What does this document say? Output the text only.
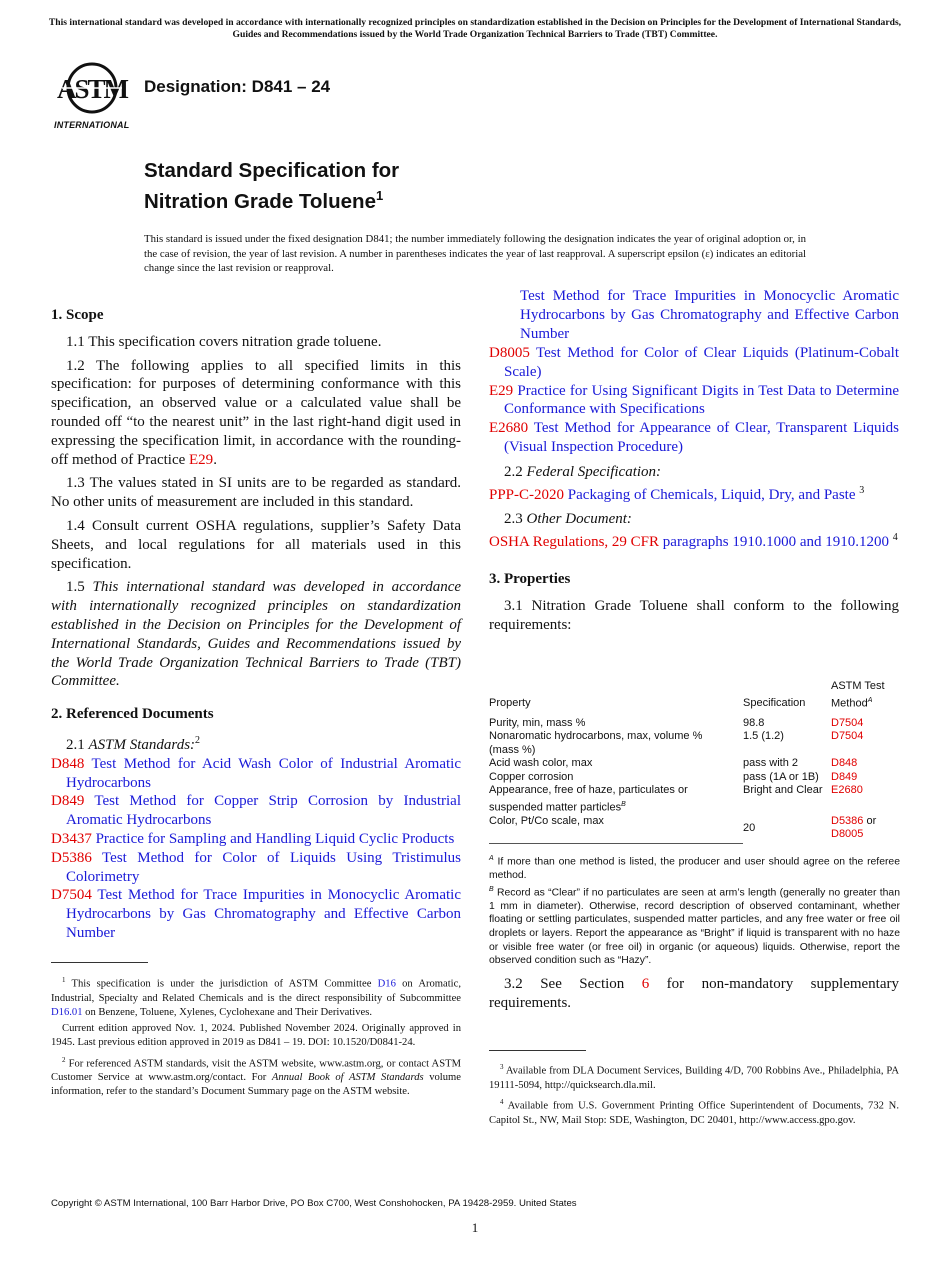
This international standard was developed in accordance with internationally recognized principles on standardization established in the Decision on Principles for the Development of International Standards, Guides and Recommendations issued by the World Trade Organization Technical Barriers to Trade (TBT) Committee.
ASTM
INTERNATIONAL
Designation: D841 – 24
Standard Specification for
Nitration Grade Toluene$^1$
This standard is issued under the fixed designation D841; the number immediately following the designation indicates the year of original adoption or, in the case of revision, the year of last revision. A number in parentheses indicates the year of last reapproval. A superscript epsilon (ε) indicates an editorial change since the last revision or reapproval.
1. Scope

1.1 This specification covers nitration grade toluene.

1.2 The following applies to all specified limits in this specification: for purposes of determining conformance with this specification, an observed value or a calculated value shall be rounded off “to the nearest unit” in the last right-hand digit used in expressing the specification limit, in accordance with the rounding-off method of Practice E29.

1.3 The values stated in SI units are to be regarded as standard. No other units of measurement are included in this standard.

1.4 Consult current OSHA regulations, supplier’s Safety Data Sheets, and local regulations for all materials used in this specification.

1.5 This international standard was developed in accordance with internationally recognized principles on standardization established in the Decision on Principles for the Development of International Standards, Guides and Recommendations issued by the World Trade Organization Technical Barriers to Trade (TBT) Committee.

2. Referenced Documents

2.1 ASTM Standards:$^2$

D848 Test Method for Acid Wash Color of Industrial Aromatic Hydrocarbons

D849 Test Method for Copper Strip Corrosion by Industrial Aromatic Hydrocarbons

D3437 Practice for Sampling and Handling Liquid Cyclic Products

D5386 Test Method for Color of Liquids Using Tristimulus Colorimetry

D7504 Test Method for Trace Impurities in Monocyclic Aromatic Hydrocarbons by Gas Chromatography and Effective Carbon Number

$^1$ This specification is under the jurisdiction of ASTM Committee D16 on Aromatic, Industrial, Specialty and Related Chemicals and is the direct responsibility of Subcommittee D16.01 on Benzene, Toluene, Xylenes, Cyclohexane and Their Derivatives.

Current edition approved Nov. 1, 2024. Published November 2024. Originally approved in 1945. Last previous edition approved in 2019 as D841 – 19. DOI: 10.1520/D0841-24.

$^2$ For referenced ASTM standards, visit the ASTM website, www.astm.org, or contact ASTM Customer Service at www.astm.org/contact. For Annual Book of ASTM Standards volume information, refer to the standard’s Document Summary page on the ASTM website.

Test Method for Trace Impurities in Monocyclic Aromatic Hydrocarbons by Gas Chromatography and Effective Carbon Number

D8005 Test Method for Color of Clear Liquids (Platinum-Cobalt Scale)

E29 Practice for Using Significant Digits in Test Data to Determine Conformance with Specifications

E2680 Test Method for Appearance of Clear, Transparent Liquids (Visual Inspection Procedure)

2.2 Federal Specification:

PPP-C-2020 Packaging of Chemicals, Liquid, Dry, and Paste $^3$

2.3 Other Document:

OSHA Regulations, 29 CFR paragraphs 1910.1000 and 1910.1200 $^4$

3. Properties

3.1 Nitration Grade Toluene shall conform to the following requirements:

Property	Specification	ASTM Test Method$^A$
Purity, min, mass %	98.8	D7504
Nonaromatic hydrocarbons, max, volume % (mass %)	1.5 (1.2)	D7504
Acid wash color, max	pass with 2	D848
Copper corrosion	pass (1A or 1B)	D849
Appearance, free of haze, particulates or suspended matter particles$^B$	Bright and Clear	E2680
Color, Pt/Co scale, max	20	D5386 or
D8005

$^A$ If more than one method is listed, the producer and user should agree on the referee method.

$^B$ Record as “Clear” if no particulates are seen at arm’s length (generally no greater than 1 mm in diameter). Otherwise, record description of observed contaminant, whether floating or settling particulates, suspended matter particles, and any free water or free oil droplets or layers. Report the appearance as “Bright” if liquid is transparent with no haze or visible free water (or free oil) in organic (or aqueous) liquids. Otherwise, report the observed condition such as “Hazy”.

3.2 See Section 6 for non-mandatory supplementary requirements.

$^3$ Available from DLA Document Services, Building 4/D, 700 Robbins Ave., Philadelphia, PA 19111-5094, http://quicksearch.dla.mil.

$^4$ Available from U.S. Government Printing Office Superintendent of Documents, 732 N. Capitol St., NW, Mail Stop: SDE, Washington, DC 20401, http://www.access.gpo.gov.

Copyright © ASTM International, 100 Barr Harbor Drive, PO Box C700, West Conshohocken, PA 19428-2959. United States
1
